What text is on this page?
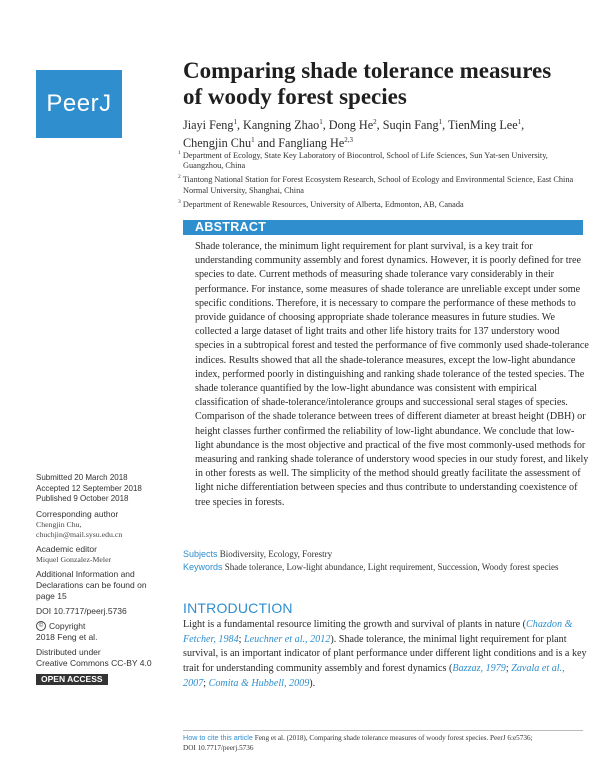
PeerJ
Comparing shade tolerance measures of woody forest species
Jiayi Feng$^1$, Kangning Zhao$^1$, Dong He$^2$, Suqin Fang$^1$, TienMing Lee$^1$,
Chengjin Chu$^1$ and Fangliang He$^{2,3}$

$^1$ Department of Ecology, State Key Laboratory of Biocontrol, School of Life Sciences, Sun Yat-sen University, Guangzhou, China

$^2$ Tiantong National Station for Forest Ecosystem Research, School of Ecology and Environmental Science, East China Normal University, Shanghai, China

$^3$ Department of Renewable Resources, University of Alberta, Edmonton, AB, Canada

ABSTRACT

Shade tolerance, the minimum light requirement for plant survival, is a key trait for understanding community assembly and forest dynamics. However, it is poorly defined for tree species to date. Current methods of measuring shade tolerance vary considerably in their performance. For instance, some measures of shade tolerance are unreliable except under some specific conditions. Therefore, it is necessary to compare the performance of these methods to provide guidance of choosing appropriate shade tolerance measures in future studies. We collected a large dataset of light traits and other life history traits for 137 understory wood species in a subtropical forest and tested the performance of five commonly used shade-tolerance indices. Results showed that all the shade-tolerance measures, except the low-light abundance index, performed poorly in distinguishing and ranking shade tolerance of the tested species. The shade tolerance quantified by the low-light abundance was consistent with empirical classification of shade-tolerance/intolerance groups and successional seral stages of species. Comparison of the shade tolerance between trees of different diameter at breast height (DBH) or height classes further confirmed the reliability of low-light abundance. We conclude that low-light abundance is the most objective and practical of the five most commonly-used methods for measuring and ranking shade tolerance of understory wood species in our study forest, and likely in other forests as well. The simplicity of the method should greatly facilitate the assessment of light niche differentiation between species and thus contribute to understanding coexistence of tree species in forests.

Submitted 20 March 2018
Accepted 12 September 2018
Published 9 October 2018
Corresponding author
Chengjin Chu,
chuchjin@mail.sysu.edu.cn
Academic editor
Miquel Gonzalez-Meler
Additional Information and
Declarations can be found on
page 15
DOI 10.7717/peerj.5736
© Copyright
2018 Feng et al.
Distributed under
Creative Commons CC-BY 4.0
OPEN ACCESS
Subjects Biodiversity, Ecology, Forestry
Keywords Shade tolerance, Low-light abundance, Light requirement, Succession, Woody forest species
INTRODUCTION

Light is a fundamental resource limiting the growth and survival of plants in nature (Chazdon & Fetcher, 1984; Leuchner et al., 2012). Shade tolerance, the minimal light requirement for plant survival, is an important indicator of plant performance under different light conditions and is a key trait for understanding community assembly and forest dynamics (Bazzaz, 1979; Zavala et al., 2007; Comita & Hubbell, 2009).

How to cite this article Feng et al. (2018), Comparing shade tolerance measures of woody forest species. PeerJ 6:e5736;
DOI 10.7717/peerj.5736
